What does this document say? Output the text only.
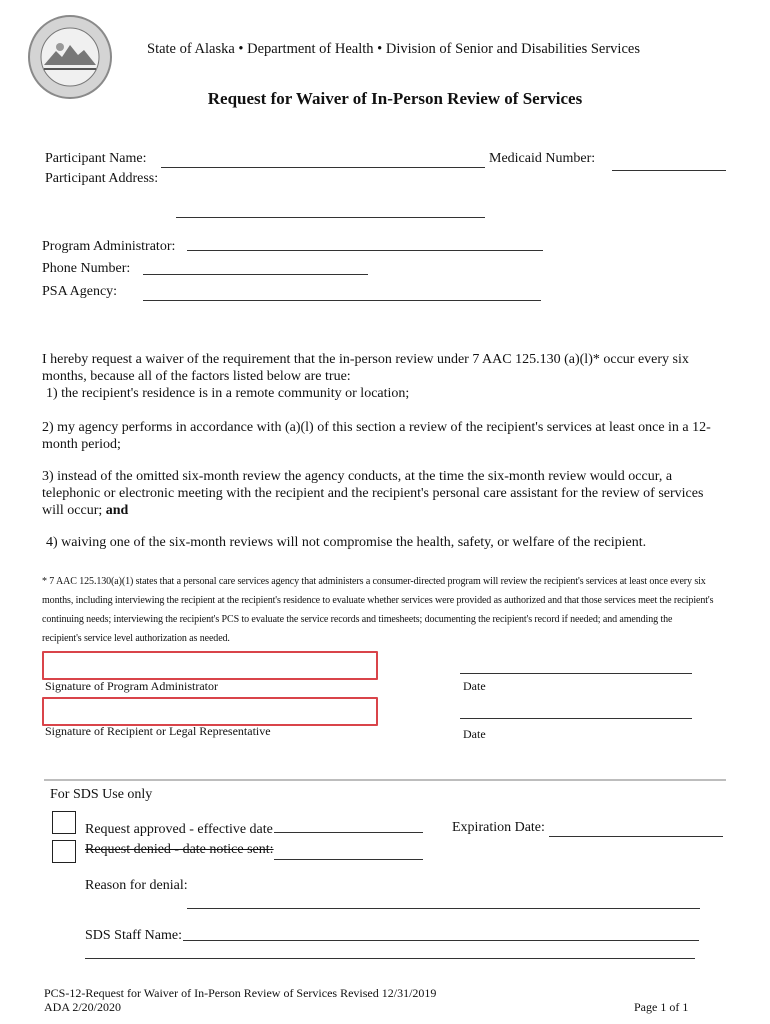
State of Alaska • Department of Health • Division of Senior and Disabilities Services
Request for Waiver of In-Person Review of Services
Participant Name:	Medicaid Number:
Participant Address:
Program Administrator:
Phone Number:
PSA Agency:
I hereby request a waiver of the requirement that the in-person review under 7 AAC 125.130 (a)(l)* occur every six months, because all of the factors listed below are true:
1) the recipient's residence is in a remote community or location;
2) my agency performs in accordance with (a)(l) of this section a review of the recipient's services at least once in a 12-month period;
3) instead of the omitted six-month review the agency conducts, at the time the six-month review would occur, a telephonic or electronic meeting with the recipient and the recipient's personal care assistant for the review of services will occur; and
4) waiving one of the six-month reviews will not compromise the health, safety, or welfare of the recipient.
* 7 AAC 125.130(a)(1) states that a personal care services agency that administers a consumer-directed program will review the recipient's services at least once every six months, including interviewing the recipient at the recipient's residence to evaluate whether services were provided as authorized and that those services meet the recipient's continuing needs; interviewing the recipient's PCS to evaluate the service records and timesheets; documenting the recipient's record if needed; and amending the recipient's service level authorization as needed.
Signature of Program Administrator	Date
Signature of Recipient or Legal Representative	Date
For SDS Use only
Request approved - effective date	Expiration Date:
Request denied - date notice sent:
Reason for denial:
SDS Staff Name:
PCS-12-Request for Waiver of In-Person Review of Services Revised 12/31/2019
ADA 2/20/2020	Page 1 of 1
